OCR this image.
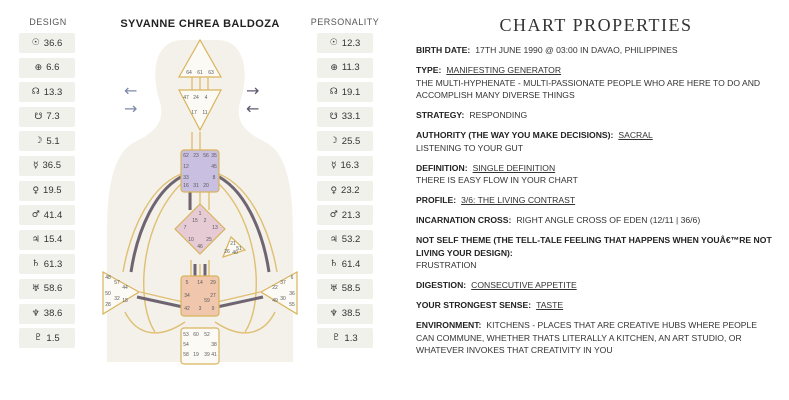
DESIGN
☉ 36.6
⊕ 6.6
☊ 13.3
☋ 7.3
☽ 5.1
☿ 36.5
♀ 19.5
♂ 41.4
♃ 15.4
♄ 61.3
♅ 58.6
♆ 38.6
♇ 1.5
PERSONALITY
☉ 12.3
⊕ 11.3
☊ 19.1
☋ 33.1
☽ 25.5
☿ 16.3
♀ 23.2
♂ 21.3
♃ 53.2
♄ 61.4
♅ 58.5
♆ 38.5
♇ 1.3
SYVANNE CHREA BALDOZA
←
→
→
←
64 61 63
47 24 4
17 11
62 23 56 35
12	45
33	8
31 20
16
1
7	13
10 25
15 2
46	21
51
26 40
5 14 29
34	27
42 3 9
59
48
57
44
50
32
28
18
6
37
22
36
30
55
49
53 60 52
54	38
58 19 39 41
CHART PROPERTIES
BIRTH DATE: 17TH JUNE 1990 @ 03:00 IN DAVAO, PHILIPPINES
TYPE: MANIFESTING GENERATOR
THE MULTI-HYPHENATE - MULTI-PASSIONATE PEOPLE WHO ARE HERE TO DO AND ACCOMPLISH MANY DIVERSE THINGS
STRATEGY: RESPONDING
AUTHORITY (THE WAY YOU MAKE DECISIONS): SACRAL
LISTENING TO YOUR GUT
DEFINITION: SINGLE DEFINITION
THERE IS EASY FLOW IN YOUR CHART
PROFILE: 3/6: THE LIVING CONTRAST
INCARNATION CROSS: RIGHT ANGLE CROSS OF EDEN (12/11 | 36/6)
NOT SELF THEME (THE TELL-TALE FEELING THAT HAPPENS WHEN YOUÂ€™RE NOT LIVING YOUR DESIGN):
FRUSTRATION
DIGESTION: CONSECUTIVE APPETITE
YOUR STRONGEST SENSE: TASTE
ENVIRONMENT: KITCHENS - PLACES THAT ARE CREATIVE HUBS WHERE PEOPLE CAN COMMUNE, WHETHER THATS LITERALLY A KITCHEN, AN ART STUDIO, OR WHATEVER INVOKES THAT CREATIVITY IN YOU
